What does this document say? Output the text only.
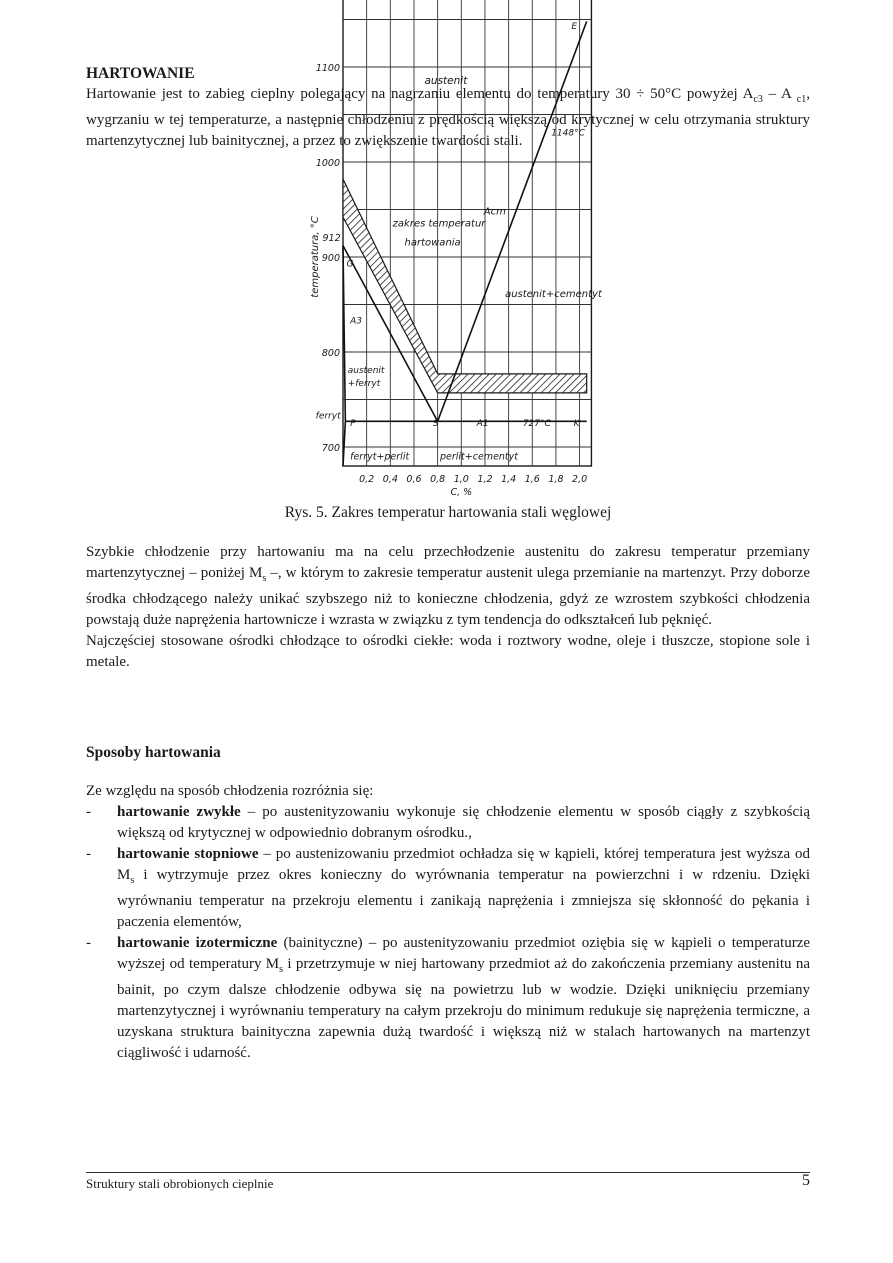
HARTOWANIE
Hartowanie jest to zabieg cieplny polegający na nagrzaniu elementu do temperatury 30 ÷ 50°C powyżej $A_{c3}$ – A $_{c1}$, wygrzaniu w tej temperaturze, a następnie chłodzeniu z prędkością większą od krytycznej w celu otrzymania struktury martenzytycznej lub bainitycznej, a przez to zwiększenie twardości stali.
0,2 0,4 0,6 0,8 1,0 1,2 1,4 1,6 1,8 2,0
700
800
900
1000
1100
C, %
temperatura, °C
austenit
zakres temperatur
hartowania
Acm
austenit+cementyt
A3
austenit
+ferryt
ferryt
P	S	A1	727°C	K
E
1148°C
G
912
ferryt+perlit	perlit+cementyt
Rys. 5. Zakres temperatur hartowania stali węglowej
Szybkie chłodzenie przy hartowaniu ma na celu przechłodzenie austenitu do zakresu temperatur przemiany martenzytycznej – poniżej $M_s$ –, w którym to zakresie temperatur austenit ulega przemianie na martenzyt. Przy doborze środka chłodzącego należy unikać szybszego niż to konieczne chłodzenia, gdyż ze wzrostem szybkości chłodzenia powstają duże naprężenia hartownicze i wzrasta w związku z tym tendencja do odkształceń lub pęknięć.
Najczęściej stosowane ośrodki chłodzące to ośrodki ciekłe: woda i roztwory wodne, oleje i tłuszcze, stopione sole i metale.
Sposoby hartowania
Ze względu na sposób chłodzenia rozróżnia się:
- hartowanie zwykłe – po austenityzowaniu wykonuje się chłodzenie elementu w sposób ciągły z szybkością większą od krytycznej w odpowiednio dobranym ośrodku.,
- hartowanie stopniowe – po austenizowaniu przedmiot ochładza się w kąpieli, której temperatura jest wyższa od $M_s$ i wytrzymuje przez okres konieczny do wyrównania temperatur na powierzchni i w rdzeniu. Dzięki wyrównaniu temperatur na przekroju elementu i zanikają naprężenia i zmniejsza się skłonność do pękania i paczenia elementów,
- hartowanie izotermiczne (bainityczne) – po austenityzowaniu przedmiot oziębia się w kąpieli o temperaturze wyższej od temperatury $M_s$ i przetrzymuje w niej hartowany przedmiot aż do zakończenia przemiany austenitu na bainit, po czym dalsze chłodzenie odbywa się na powietrzu lub w wodzie. Dzięki uniknięciu przemiany martenzytycznej i wyrównaniu temperatury na całym przekroju do minimum redukuje się naprężenia termiczne, a uzyskana struktura bainityczna zapewnia dużą twardość i większą niż w stalach hartowanych na martenzyt ciągliwość i udarność.
Struktury stali obrobionych cieplnie	5
